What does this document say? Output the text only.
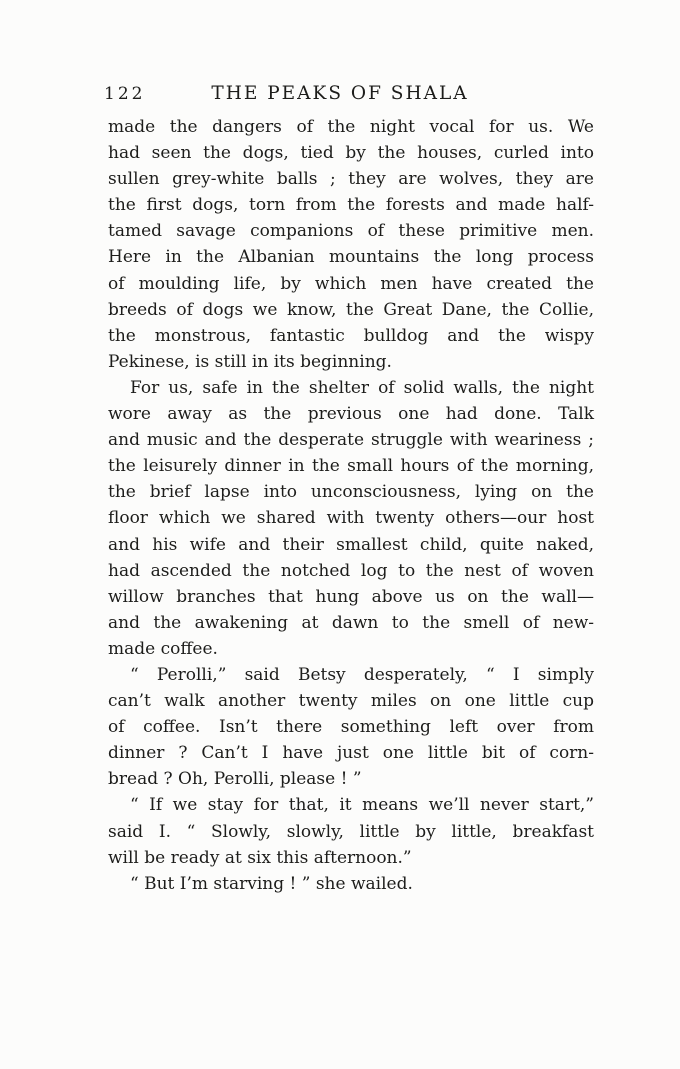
122	THE PEAKS OF SHALA
made the dangers of the night vocal for us. We
had seen the dogs, tied by the houses, curled into
sullen grey-white balls ; they are wolves, they are
the first dogs, torn from the forests and made half-
tamed savage companions of these primitive men.
Here in the Albanian mountains the long process
of moulding life, by which men have created the
breeds of dogs we know, the Great Dane, the Collie,
the monstrous, fantastic bulldog and the wispy
Pekinese, is still in its beginning.
For us, safe in the shelter of solid walls, the night
wore away as the previous one had done. Talk
and music and the desperate struggle with weariness ;
the leisurely dinner in the small hours of the morning,
the brief lapse into unconsciousness, lying on the
floor which we shared with twenty others—our host
and his wife and their smallest child, quite naked,
had ascended the notched log to the nest of woven
willow branches that hung above us on the wall—
and the awakening at dawn to the smell of new-
made coffee.
“ Perolli,” said Betsy desperately, “ I simply
can’t walk another twenty miles on one little cup
of coffee. Isn’t there something left over from
dinner ? Can’t I have just one little bit of corn-
bread ? Oh, Perolli, please ! ”
“ If we stay for that, it means we’ll never start,”
said I. “ Slowly, slowly, little by little, breakfast
will be ready at six this afternoon.”
“ But I’m starving ! ” she wailed.
